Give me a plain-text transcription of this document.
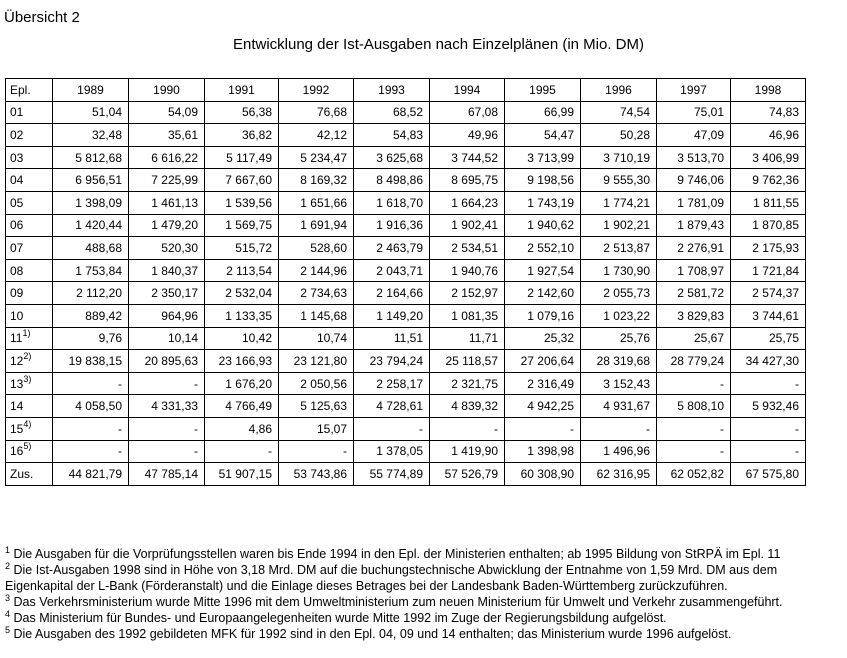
Übersicht 2
Entwicklung der Ist-Ausgaben nach Einzelplänen (in Mio. DM)
Epl.	1989	1990	1991	1992	1993	1994	1995	1996	1997	1998
01	51,04	54,09	56,38	76,68	68,52	67,08	66,99	74,54	75,01	74,83
02	32,48	35,61	36,82	42,12	54,83	49,96	54,47	50,28	47,09	46,96
03	5 812,68	6 616,22	5 117,49	5 234,47	3 625,68	3 744,52	3 713,99	3 710,19	3 513,70	3 406,99
04	6 956,51	7 225,99	7 667,60	8 169,32	8 498,86	8 695,75	9 198,56	9 555,30	9 746,06	9 762,36
05	1 398,09	1 461,13	1 539,56	1 651,66	1 618,70	1 664,23	1 743,19	1 774,21	1 781,09	1 811,55
06	1 420,44	1 479,20	1 569,75	1 691,94	1 916,36	1 902,41	1 940,62	1 902,21	1 879,43	1 870,85
07	488,68	520,30	515,72	528,60	2 463,79	2 534,51	2 552,10	2 513,87	2 276,91	2 175,93
08	1 753,84	1 840,37	2 113,54	2 144,96	2 043,71	1 940,76	1 927,54	1 730,90	1 708,97	1 721,84
09	2 112,20	2 350,17	2 532,04	2 734,63	2 164,66	2 152,97	2 142,60	2 055,73	2 581,72	2 574,37
10	889,42	964,96	1 133,35	1 145,68	1 149,20	1 081,35	1 079,16	1 023,22	3 829,83	3 744,61
11$^{1)}$	9,76	10,14	10,42	10,74	11,51	11,71	25,32	25,76	25,67	25,75
12$^{2)}$	19 838,15	20 895,63	23 166,93	23 121,80	23 794,24	25 118,57	27 206,64	28 319,68	28 779,24	34 427,30
13$^{3)}$	-	-	1 676,20	2 050,56	2 258,17	2 321,75	2 316,49	3 152,43	-	-
14	4 058,50	4 331,33	4 766,49	5 125,63	4 728,61	4 839,32	4 942,25	4 931,67	5 808,10	5 932,46
15$^{4)}$	-	-	4,86	15,07	-	-	-	-	-	-
16$^{5)}$	-	-	-	-	1 378,05	1 419,90	1 398,98	1 496,96	-	-
Zus.	44 821,79	47 785,14	51 907,15	53 743,86	55 774,89	57 526,79	60 308,90	62 316,95	62 052,82	67 575,80
$^1$ Die Ausgaben für die Vorprüfungsstellen waren bis Ende 1994 in den Epl. der Ministerien enthalten; ab 1995 Bildung von StRPÄ im Epl. 11
$^2$ Die Ist-Ausgaben 1998 sind in Höhe von 3,18 Mrd. DM auf die buchungstechnische Abwicklung der Entnahme von 1,59 Mrd. DM aus dem Eigenkapital der L-Bank (Förderanstalt) und die Einlage dieses Betrages bei der Landesbank Baden-Württemberg zurückzuführen.
$^3$ Das Verkehrsministerium wurde Mitte 1996 mit dem Umweltministerium zum neuen Ministerium für Umwelt und Verkehr zusammengeführt.
$^4$ Das Ministerium für Bundes- und Europaangelegenheiten wurde Mitte 1992 im Zuge der Regierungsbildung aufgelöst.
$^5$ Die Ausgaben des 1992 gebildeten MFK für 1992 sind in den Epl. 04, 09 und 14 enthalten; das Ministerium wurde 1996 aufgelöst.
